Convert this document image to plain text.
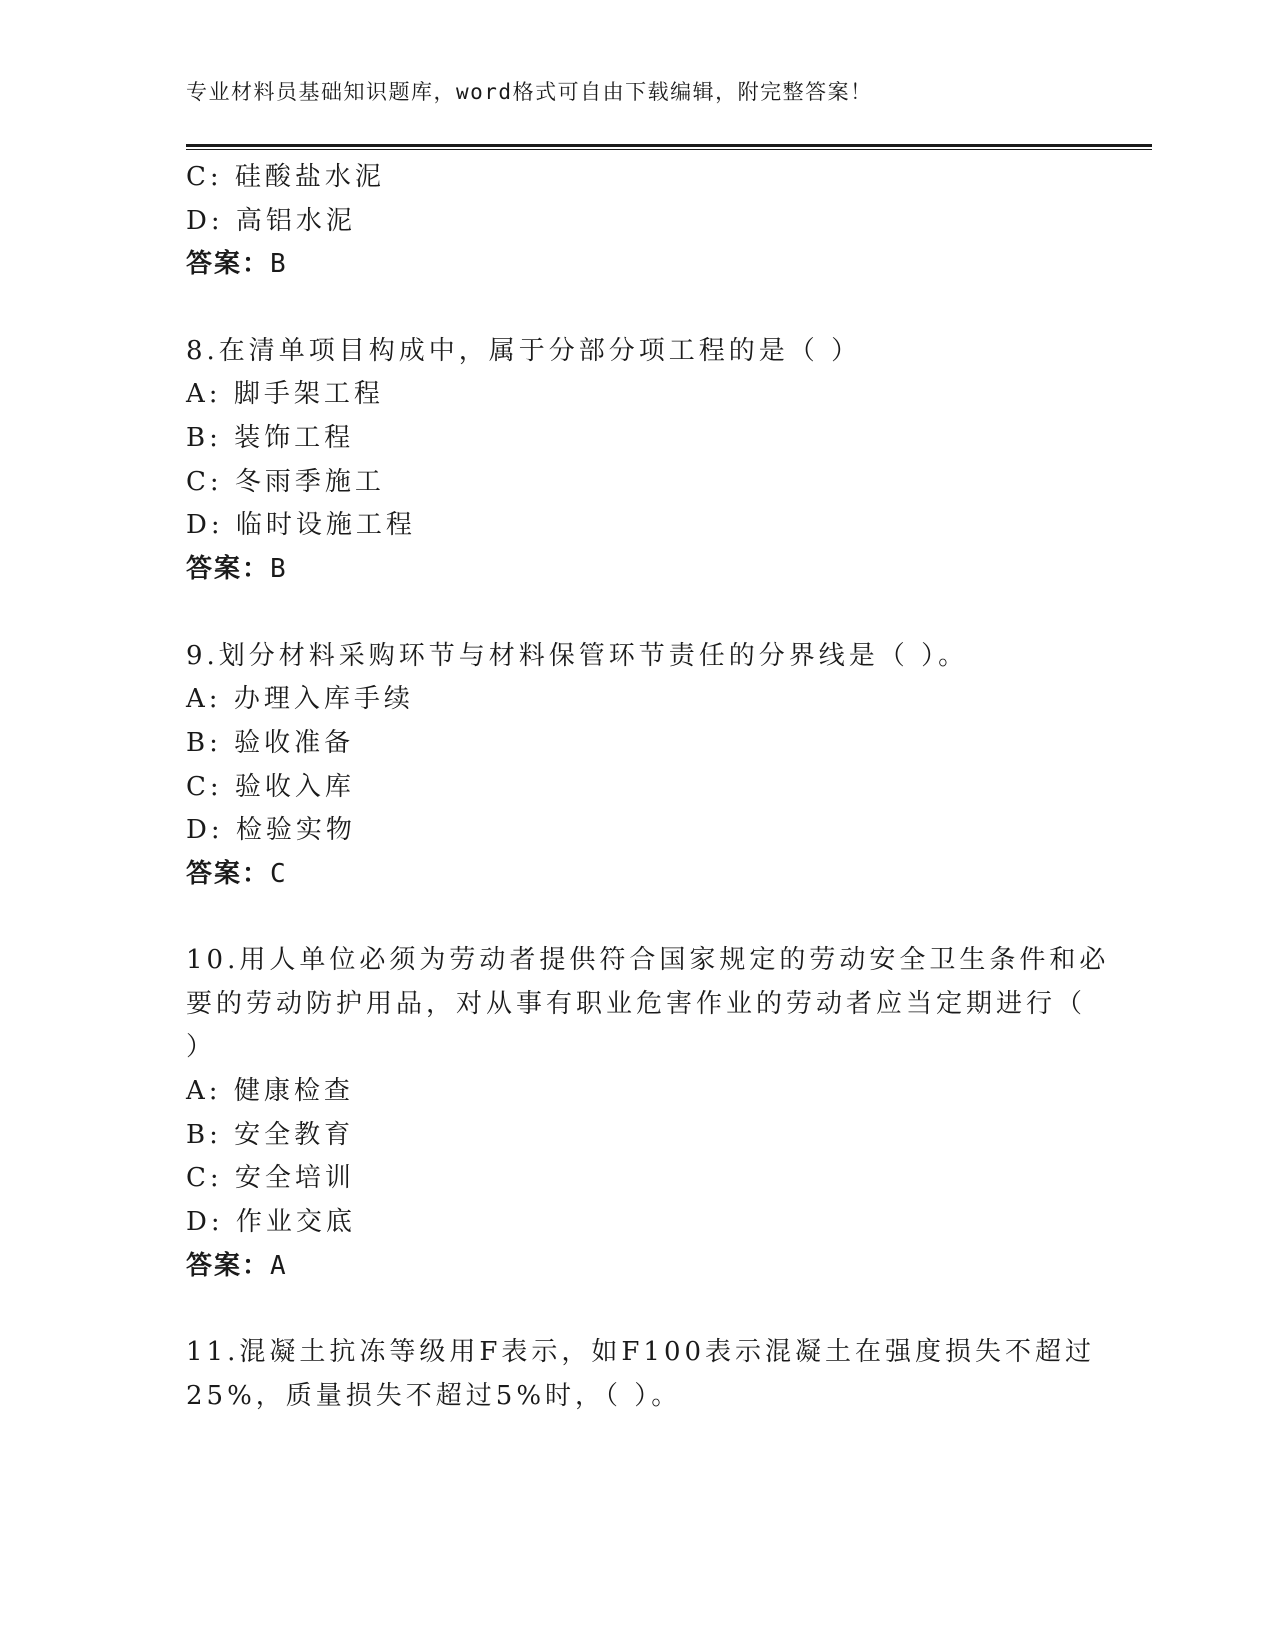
专业材料员基础知识题库，word格式可自由下载编辑，附完整答案！
C: 硅酸盐水泥
D: 高铝水泥
答案：B
8.在清单项目构成中，属于分部分项工程的是（ ）
A: 脚手架工程
B: 装饰工程
C: 冬雨季施工
D: 临时设施工程
答案：B
9.划分材料采购环节与材料保管环节责任的分界线是（ ）。
A: 办理入库手续
B: 验收准备
C: 验收入库
D: 检验实物
答案：C
10.用人单位必须为劳动者提供符合国家规定的劳动安全卫生条件和必
要的劳动防护用品，对从事有职业危害作业的劳动者应当定期进行（
）
A: 健康检查
B: 安全教育
C: 安全培训
D: 作业交底
答案：A
11.混凝土抗冻等级用F表示，如F100表示混凝土在强度损失不超过
25%，质量损失不超过5%时，（ ）。
